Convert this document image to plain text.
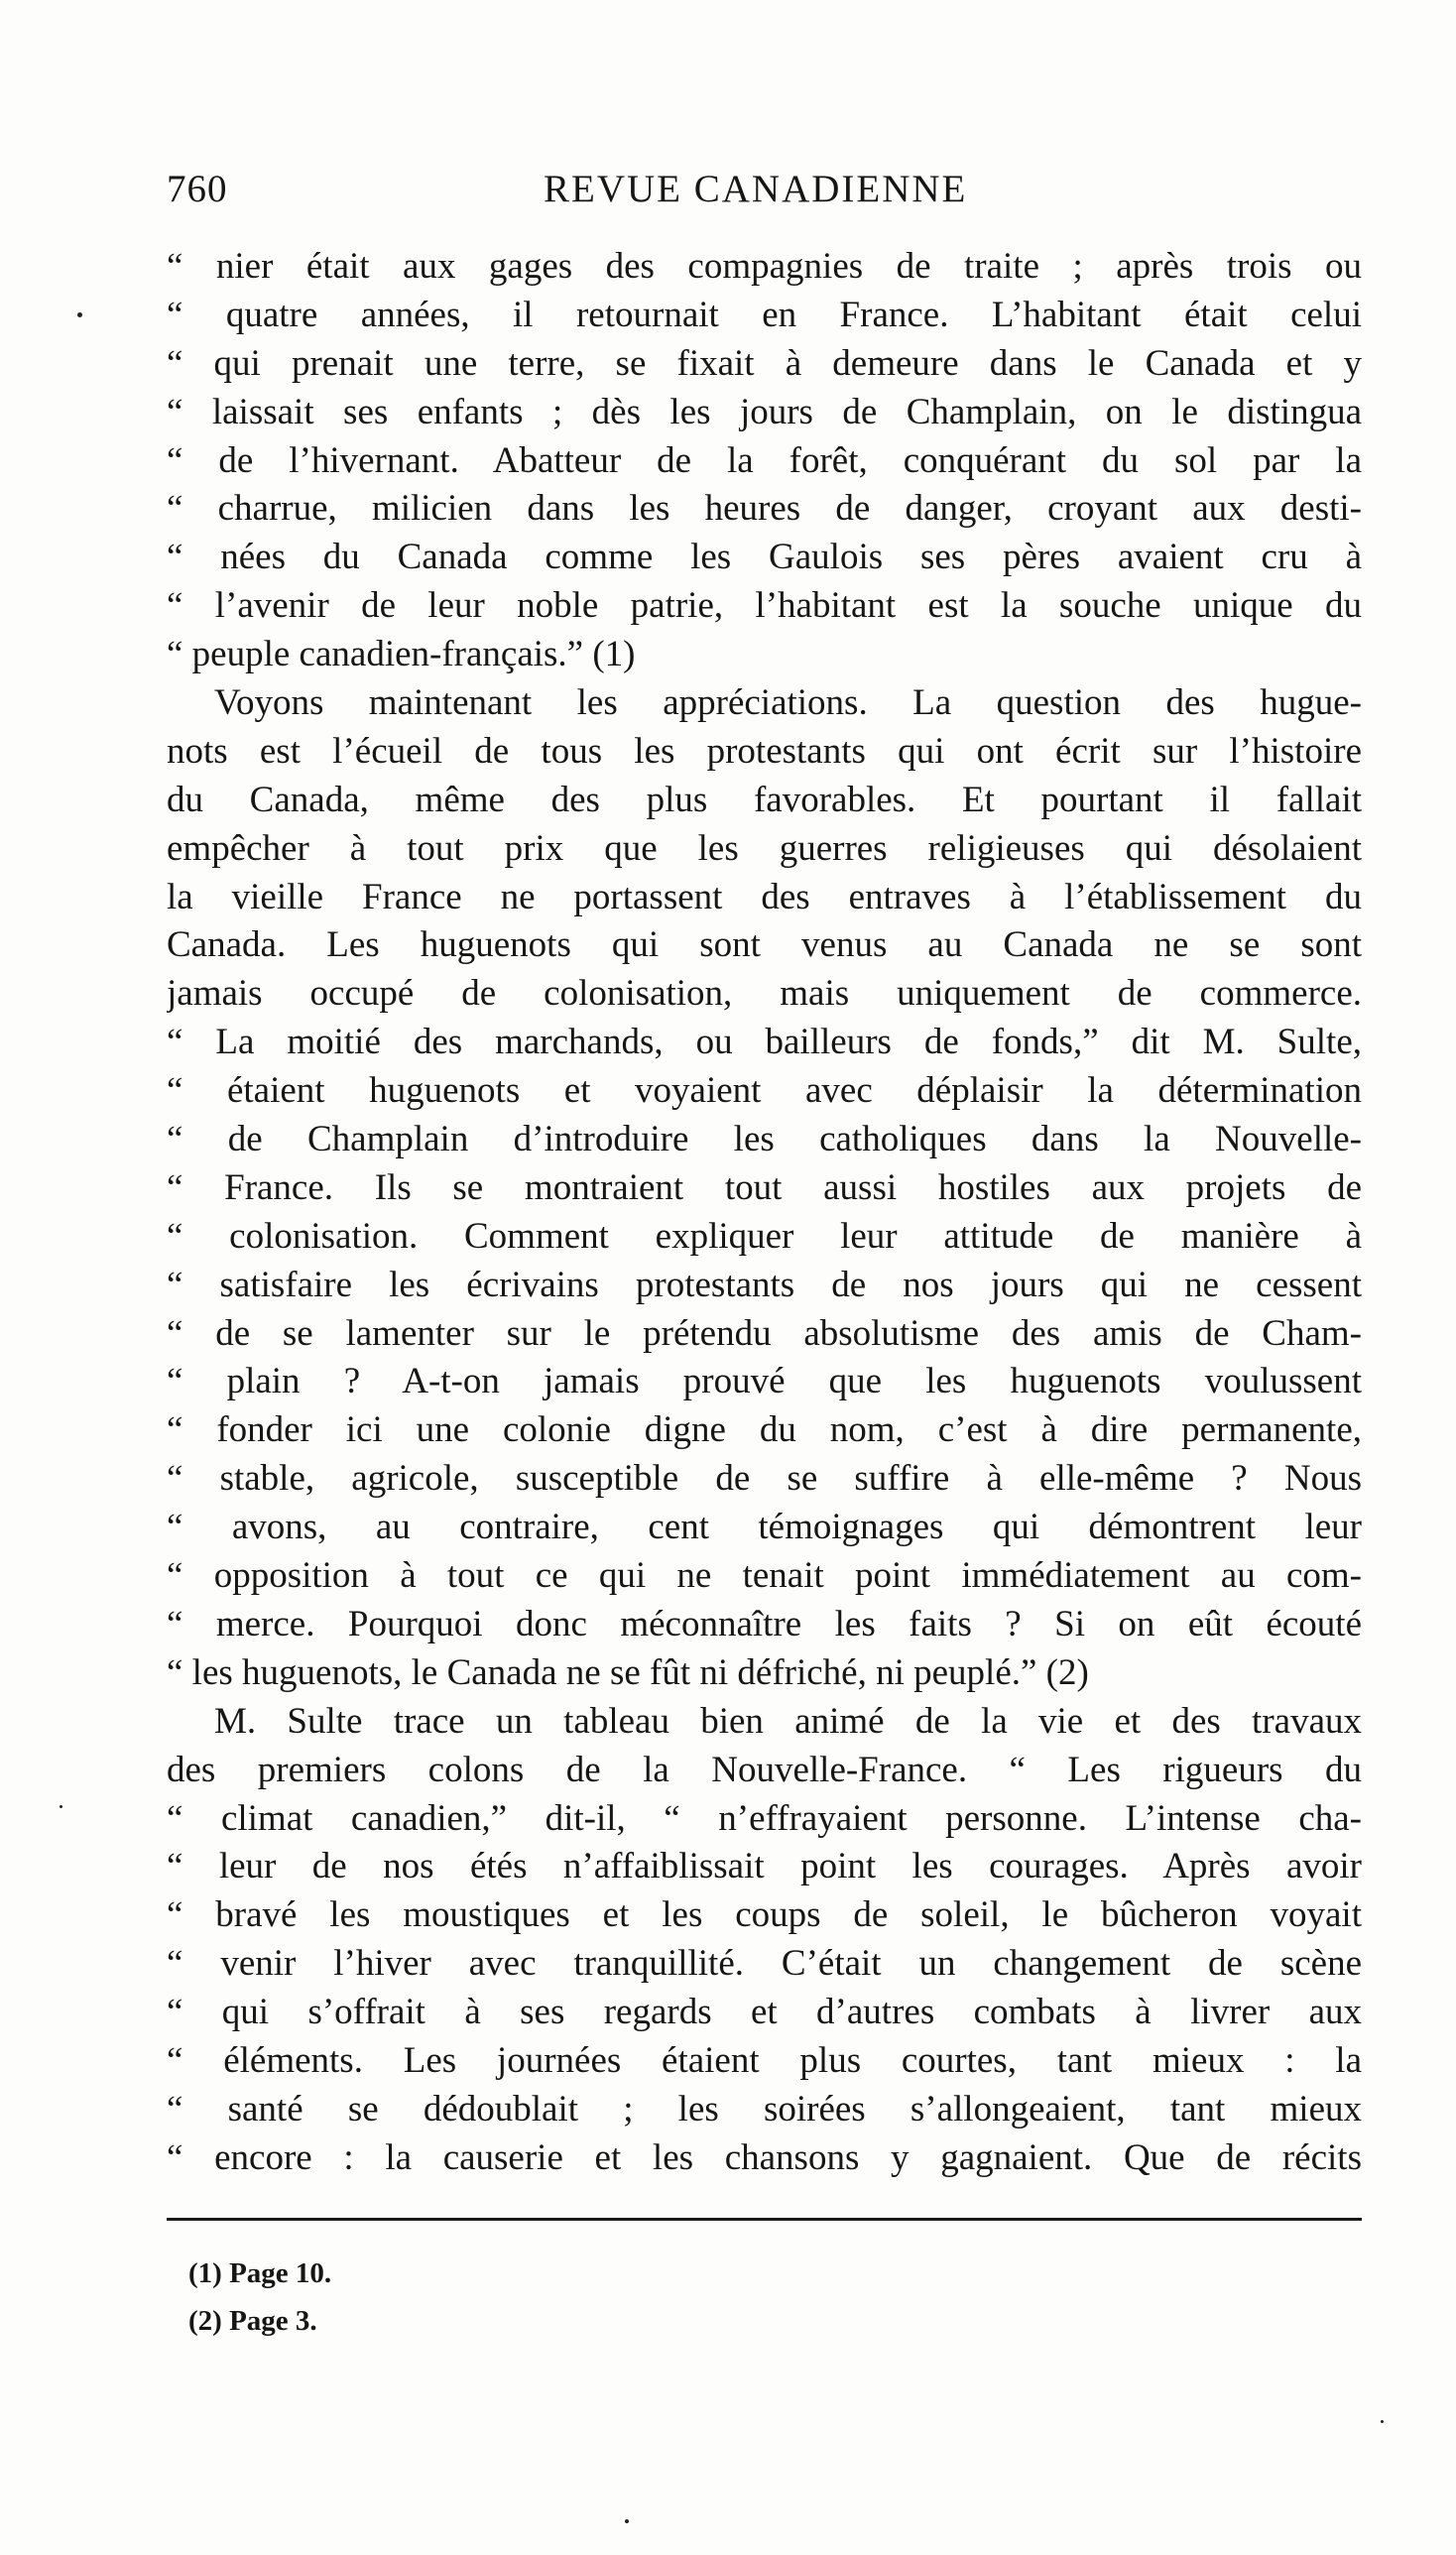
760	REVUE CANADIENNE
“ nier était aux gages des compagnies de traite ; après trois ou
“ quatre années, il retournait en France. L’habitant était celui
“ qui prenait une terre, se fixait à demeure dans le Canada et y
“ laissait ses enfants ; dès les jours de Champlain, on le distingua
“ de l’hivernant. Abatteur de la forêt, conquérant du sol par la
“ charrue, milicien dans les heures de danger, croyant aux desti-
“ nées du Canada comme les Gaulois ses pères avaient cru à
“ l’avenir de leur noble patrie, l’habitant est la souche unique du
“ peuple canadien-français.” (1)
Voyons maintenant les appréciations. La question des hugue-
nots est l’écueil de tous les protestants qui ont écrit sur l’histoire
du Canada, même des plus favorables. Et pourtant il fallait
empêcher à tout prix que les guerres religieuses qui désolaient
la vieille France ne portassent des entraves à l’établissement du
Canada. Les huguenots qui sont venus au Canada ne se sont
jamais occupé de colonisation, mais uniquement de commerce.
“ La moitié des marchands, ou bailleurs de fonds,” dit M. Sulte,
“ étaient huguenots et voyaient avec déplaisir la détermination
“ de Champlain d’introduire les catholiques dans la Nouvelle-
“ France. Ils se montraient tout aussi hostiles aux projets de
“ colonisation. Comment expliquer leur attitude de manière à
“ satisfaire les écrivains protestants de nos jours qui ne cessent
“ de se lamenter sur le prétendu absolutisme des amis de Cham-
“ plain ? A-t-on jamais prouvé que les huguenots voulussent
“ fonder ici une colonie digne du nom, c’est à dire permanente,
“ stable, agricole, susceptible de se suffire à elle-même ? Nous
“ avons, au contraire, cent témoignages qui démontrent leur
“ opposition à tout ce qui ne tenait point immédiatement au com-
“ merce. Pourquoi donc méconnaître les faits ? Si on eût écouté
“ les huguenots, le Canada ne se fût ni défriché, ni peuplé.” (2)
M. Sulte trace un tableau bien animé de la vie et des travaux
des premiers colons de la Nouvelle-France. “ Les rigueurs du
“ climat canadien,” dit-il, “ n’effrayaient personne. L’intense cha-
“ leur de nos étés n’affaiblissait point les courages. Après avoir
“ bravé les moustiques et les coups de soleil, le bûcheron voyait
“ venir l’hiver avec tranquillité. C’était un changement de scène
“ qui s’offrait à ses regards et d’autres combats à livrer aux
“ éléments. Les journées étaient plus courtes, tant mieux : la
“ santé se dédoublait ; les soirées s’allongeaient, tant mieux
“ encore : la causerie et les chansons y gagnaient. Que de récits
(1) Page 10.
(2) Page 3.
